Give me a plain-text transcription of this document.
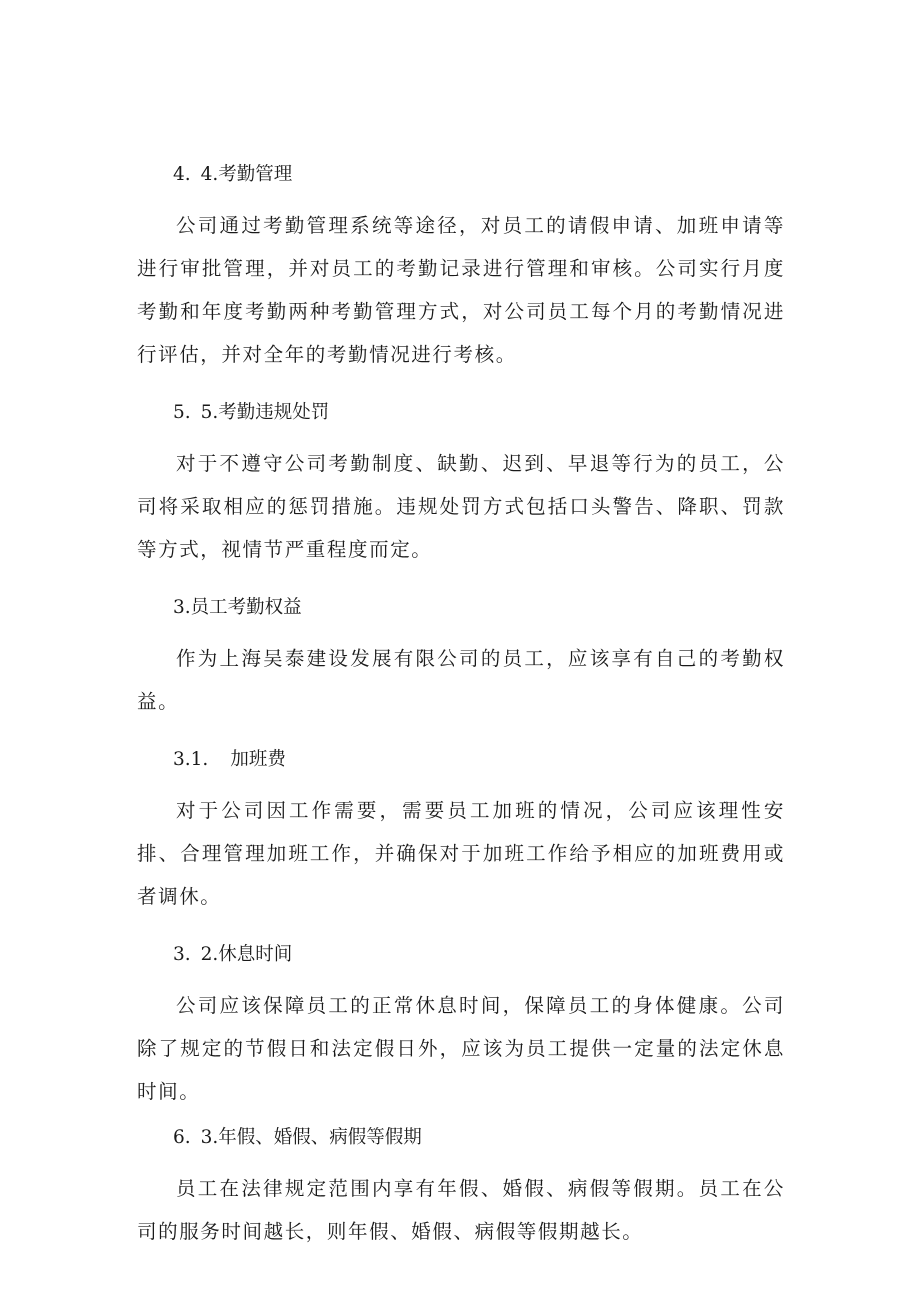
4. 4.考勤管理

公司通过考勤管理系统等途径，对员工的请假申请、加班申请等进行审批管理，并对员工的考勤记录进行管理和审核。公司实行月度考勤和年度考勤两种考勤管理方式，对公司员工每个月的考勤情况进行评估，并对全年的考勤情况进行考核。

5. 5.考勤违规处罚

对于不遵守公司考勤制度、缺勤、迟到、早退等行为的员工，公司将采取相应的惩罚措施。违规处罚方式包括口头警告、降职、罚款等方式，视情节严重程度而定。

3.员工考勤权益

作为上海吴泰建设发展有限公司的员工，应该享有自己的考勤权益。

3.1. 加班费

对于公司因工作需要，需要员工加班的情况，公司应该理性安排、合理管理加班工作，并确保对于加班工作给予相应的加班费用或者调休。

3. 2.休息时间

公司应该保障员工的正常休息时间，保障员工的身体健康。公司除了规定的节假日和法定假日外，应该为员工提供一定量的法定休息时间。

6. 3.年假、婚假、病假等假期

员工在法律规定范围内享有年假、婚假、病假等假期。员工在公司的服务时间越长，则年假、婚假、病假等假期越长。
